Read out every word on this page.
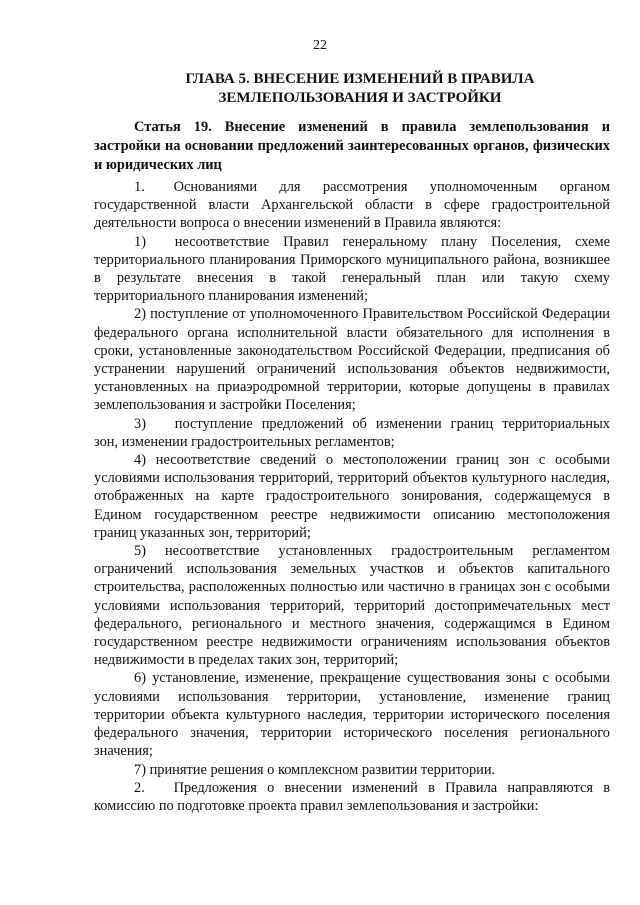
22
ГЛАВА 5. ВНЕСЕНИЕ ИЗМЕНЕНИЙ В ПРАВИЛА ЗЕМЛЕПОЛЬЗОВАНИЯ И ЗАСТРОЙКИ
Статья 19. Внесение изменений в правила землепользования и застройки на основании предложений заинтересованных органов, физических и юридических лиц

1.  Основаниями для рассмотрения уполномоченным органом государственной власти Архангельской области в сфере градостроительной деятельности вопроса о внесении изменений в Правила являются:

1)  несоответствие Правил генеральному плану Поселения, схеме территориального планирования Приморского муниципального района, возникшее в результате внесения в такой генеральный план или такую схему территориального планирования изменений;

2) поступление от уполномоченного Правительством Российской Федерации федерального органа исполнительной власти обязательного для исполнения в сроки, установленные законодательством Российской Федерации, предписания об устранении нарушений ограничений использования объектов недвижимости, установленных на приаэродромной территории, которые допущены в правилах землепользования и застройки Поселения;

3)  поступление предложений об изменении границ территориальных зон, изменении градостроительных регламентов;

4) несоответствие сведений о местоположении границ зон с особыми условиями использования территорий, территорий объектов культурного наследия, отображенных на карте градостроительного зонирования, содержащемуся в Едином государственном реестре недвижимости описанию местоположения границ указанных зон, территорий;

5) несоответствие установленных градостроительным регламентом ограничений использования земельных участков и объектов капитального строительства, расположенных полностью или частично в границах зон с особыми условиями использования территорий, территорий достопримечательных мест федерального, регионального и местного значения, содержащимся в Едином государственном реестре недвижимости ограничениям использования объектов недвижимости в пределах таких зон, территорий;

6) установление, изменение, прекращение существования зоны с особыми условиями использования территории, установление, изменение границ территории объекта культурного наследия, территории исторического поселения федерального значения, территории исторического поселения регионального значения;

7) принятие решения о комплексном развитии территории.

2.  Предложения о внесении изменений в Правила направляются в комиссию по подготовке проекта правил землепользования и застройки:
